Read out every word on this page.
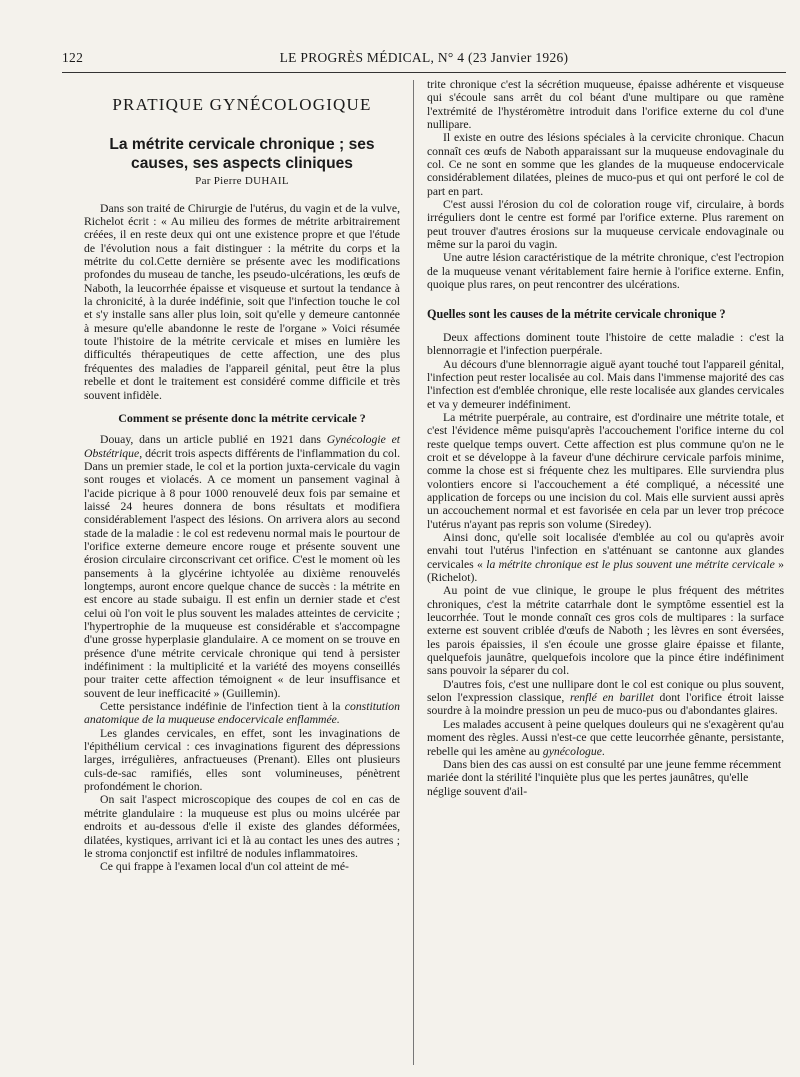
LE PROGRÈS MÉDICAL, N° 4 (23 Janvier 1926)
122
PRATIQUE GYNÉCOLOGIQUE
La métrite cervicale chronique ; ses
causes, ses aspects cliniques
Par Pierre DUHAIL

Dans son traité de Chirurgie de l'utérus, du vagin et de la vulve, Richelot écrit : « Au milieu des formes de métrite arbitrairement créées, il en reste deux qui ont une existence propre et que l'étude de l'évolution nous a fait distinguer : la métrite du corps et la métrite du col.Cette dernière se présente avec les modifications profondes du museau de tanche, les pseudo-ulcérations, les œufs de Naboth, la leucorrhée épaisse et visqueuse et surtout la tendance à la chronicité, à la durée indéfinie, soit que l'infection touche le col et s'y installe sans aller plus loin, soit qu'elle y demeure cantonnée à mesure qu'elle abandonne le reste de l'organe » Voici résumée toute l'histoire de la métrite cervicale et mises en lumière les difficultés thérapeutiques de cette affection, une des plus fréquentes des maladies de l'appareil génital, peut être la plus rebelle et dont le traitement est considéré comme difficile et très souvent infidèle.

Comment se présente donc la métrite cervicale ?

Douay, dans un article publié en 1921 dans Gynécologie et Obstétrique, décrit trois aspects différents de l'inflammation du col. Dans un premier stade, le col et la portion juxta-cervicale du vagin sont rouges et violacés. A ce moment un pansement vaginal à l'acide picrique à 8 pour 1000 renouvelé deux fois par semaine et laissé 24 heures donnera de bons résultats et modifiera considérablement l'aspect des lésions. On arrivera alors au second stade de la maladie : le col est redevenu normal mais le pourtour de l'orifice externe demeure encore rouge et présente souvent une érosion circulaire circonscrivant cet orifice. C'est le moment où les pansements à la glycérine ichtyolée au dixième renouvelés longtemps, auront encore quelque chance de succès : la métrite en est encore au stade subaigu. Il est enfin un dernier stade et c'est celui où l'on voit le plus souvent les malades atteintes de cervicite ; l'hypertrophie de la muqueuse est considérable et s'accompagne d'une grosse hyperplasie glandulaire. A ce moment on se trouve en présence d'une métrite cervicale chronique qui tend à persister indéfiniment : la multiplicité et la variété des moyens conseillés pour traiter cette affection témoignent « de leur insuffisance et souvent de leur inefficacité » (Guillemin).

Cette persistance indéfinie de l'infection tient à la constitution anatomique de la muqueuse endocervicale enflammée.

Les glandes cervicales, en effet, sont les invaginations de l'épithélium cervical : ces invaginations figurent des dépressions larges, irrégulières, anfractueuses (Prenant). Elles ont plusieurs culs-de-sac ramifiés, elles sont volumineuses, pénètrent profondément le chorion.

On sait l'aspect microscopique des coupes de col en cas de métrite glandulaire : la muqueuse est plus ou moins ulcérée par endroits et au-dessous d'elle il existe des glandes déformées, dilatées, kystiques, arrivant ici et là au contact les unes des autres ; le stroma conjonctif est infiltré de nodules inflammatoires.

Ce qui frappe à l'examen local d'un col atteint de mé-

trite chronique c'est la sécrétion muqueuse, épaisse adhérente et visqueuse qui s'écoule sans arrêt du col béant d'une multipare ou que ramène l'extrémité de l'hystéromètre introduit dans l'orifice externe du col d'une nullipare.

Il existe en outre des lésions spéciales à la cervicite chronique. Chacun connaît ces œufs de Naboth apparaissant sur la muqueuse endovaginale du col. Ce ne sont en somme que les glandes de la muqueuse endocervicale considérablement dilatées, pleines de muco-pus et qui ont perforé le col de part en part.

C'est aussi l'érosion du col de coloration rouge vif, circulaire, à bords irréguliers dont le centre est formé par l'orifice externe. Plus rarement on peut trouver d'autres érosions sur la muqueuse cervicale endovaginale ou même sur la paroi du vagin.

Une autre lésion caractéristique de la métrite chronique, c'est l'ectropion de la muqueuse venant véritablement faire hernie à l'orifice externe. Enfin, quoique plus rares, on peut rencontrer des ulcérations.

Quelles sont les causes de la métrite cervicale chronique ?

Deux affections dominent toute l'histoire de cette maladie : c'est la blennorragie et l'infection puerpérale.

Au décours d'une blennorragie aiguë ayant touché tout l'appareil génital, l'infection peut rester localisée au col. Mais dans l'immense majorité des cas l'infection est d'emblée chronique, elle reste localisée aux glandes cervicales et va y demeurer indéfiniment.

La métrite puerpérale, au contraire, est d'ordinaire une métrite totale, et c'est l'évidence même puisqu'après l'accouchement l'orifice interne du col reste quelque temps ouvert. Cette affection est plus commune qu'on ne le croit et se développe à la faveur d'une déchirure cervicale parfois minime, comme la chose est si fréquente chez les multipares. Elle surviendra plus volontiers encore si l'accouchement a été compliqué, a nécessité une application de forceps ou une incision du col. Mais elle survient aussi après un accouchement normal et est favorisée en cela par un lever trop précoce l'utérus n'ayant pas repris son volume (Siredey).

Ainsi donc, qu'elle soit localisée d'emblée au col ou qu'après avoir envahi tout l'utérus l'infection en s'atténuant se cantonne aux glandes cervicales « la métrite chronique est le plus souvent une métrite cervicale » (Richelot).

Au point de vue clinique, le groupe le plus fréquent des métrites chroniques, c'est la métrite catarrhale dont le symptôme essentiel est la leucorrhée. Tout le monde connaît ces gros cols de multipares : la surface externe est souvent criblée d'œufs de Naboth ; les lèvres en sont éversées, les parois épaissies, il s'en écoule une grosse glaire épaisse et filante, quelquefois jaunâtre, quelquefois incolore que la pince étire indéfiniment sans pouvoir la séparer du col.

D'autres fois, c'est une nullipare dont le col est conique ou plus souvent, selon l'expression classique, renflé en barillet dont l'orifice étroit laisse sourdre à la moindre pression un peu de muco-pus ou d'abondantes glaires.

Les malades accusent à peine quelques douleurs qui ne s'exagèrent qu'au moment des règles. Aussi n'est-ce que cette leucorrhée gênante, persistante, rebelle qui les amène au gynécologue.

Dans bien des cas aussi on est consulté par une jeune femme récemment mariée dont la stérilité l'inquiète plus que les pertes jaunâtres, qu'elle néglige souvent d'ail-
